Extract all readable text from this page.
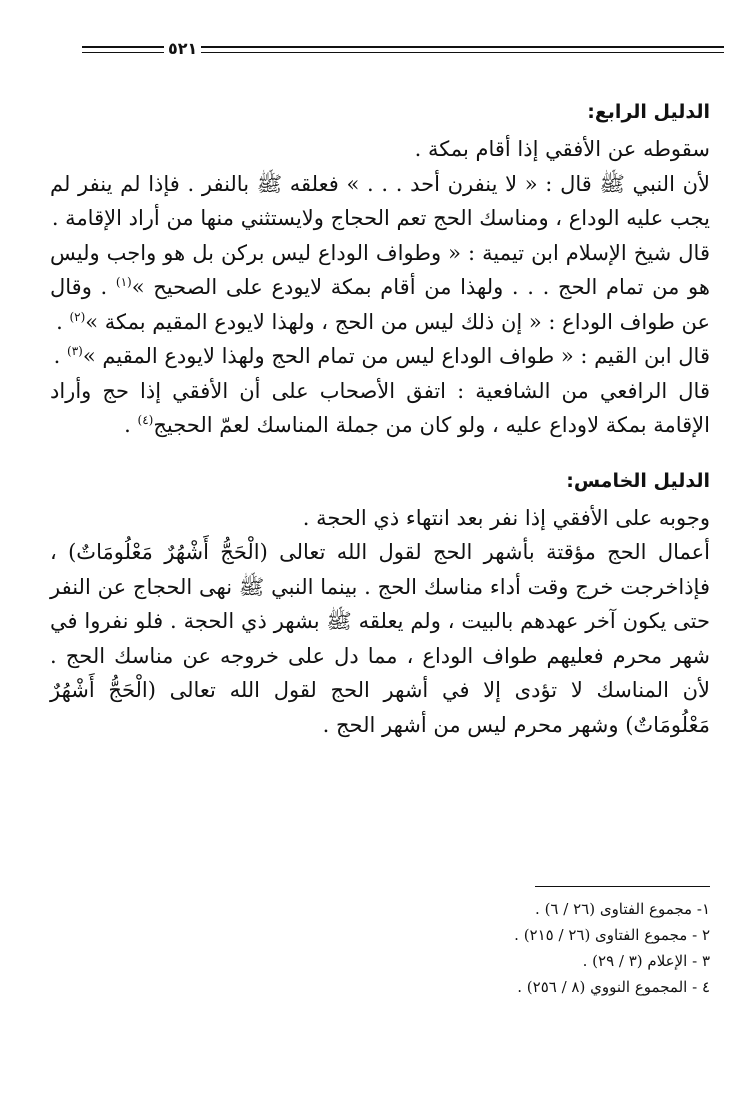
٥٢١
الدليل الرابع:

سقوطه عن الأفقي إذا أقام بمكة .

لأن النبي ﷺ قال : « لا ينفرن أحد . . . » فعلقه ﷺ بالنفر . فإذا لم ينفر لم يجب عليه الوداع ، ومناسك الحج تعم الحجاج ولايستثني منها من أراد الإقامة .

قال شيخ الإسلام ابن تيمية : « وطواف الوداع ليس بركن بل هو واجب وليس هو من تمام الحج . . . ولهذا من أقام بمكة لايودع على الصحيح »$^{(١)}$ . وقال عن طواف الوداع : « إن ذلك ليس من الحج ، ولهذا لايودع المقيم بمكة »$^{(٢)}$ .

قال ابن القيم : « طواف الوداع ليس من تمام الحج ولهذا لايودع المقيم »$^{(٣)}$ .

قال الرافعي من الشافعية : اتفق الأصحاب على أن الأفقي إذا حج وأراد الإقامة بمكة لاوداع عليه ، ولو كان من جملة المناسك لعمّ الحجيج$^{(٤)}$ .

الدليل الخامس:

وجوبه على الأفقي إذا نفر بعد انتهاء ذي الحجة .

أعمال الحج مؤقتة بأشهر الحج لقول الله تعالى (الْحَجُّ أَشْهُرٌ مَعْلُومَاتٌ) ، فإذاخرجت خرج وقت أداء مناسك الحج . بينما النبي ﷺ نهى الحجاج عن النفر حتى يكون آخر عهدهم بالبيت ، ولم يعلقه ﷺ بشهر ذي الحجة . فلو نفروا في شهر محرم فعليهم طواف الوداع ، مما دل على خروجه عن مناسك الحج . لأن المناسك لا تؤدى إلا في أشهر الحج لقول الله تعالى (الْحَجُّ أَشْهُرٌ مَعْلُومَاتٌ) وشهر محرم ليس من أشهر الحج .

١- مجموع الفتاوى (٢٦ / ٦) .

٢ - مجموع الفتاوى (٢٦ / ٢١٥) .

٣ - الإعلام (٣ / ٢٩) .

٤ - المجموع النووي (٨ / ٢٥٦) .
